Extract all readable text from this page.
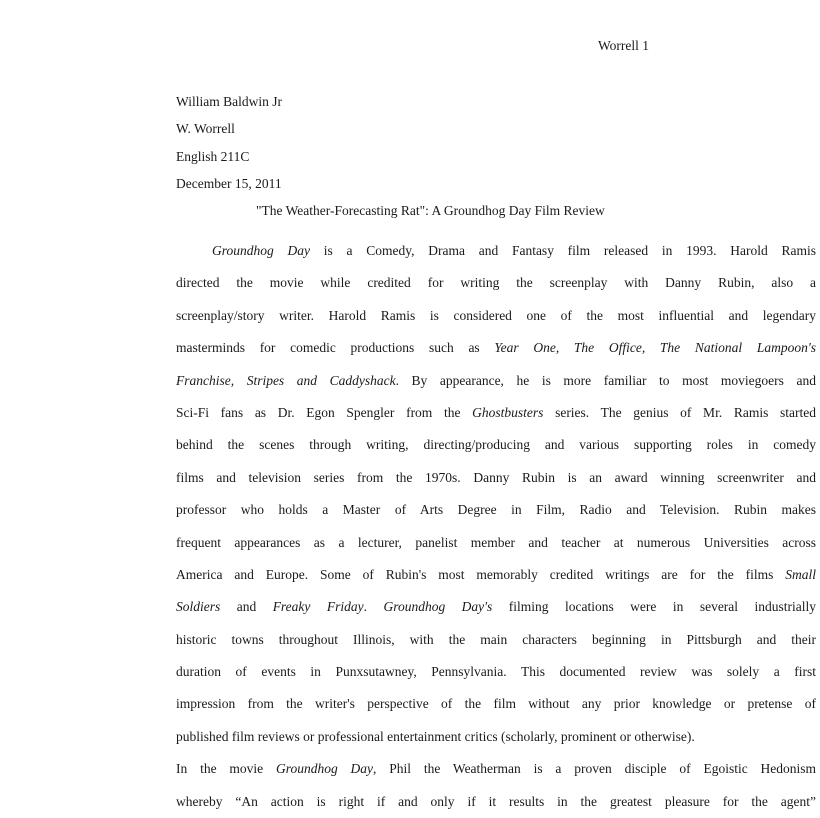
Worrell 1
William Baldwin Jr
W. Worrell
English 211C
December 15, 2011
"The Weather-Forecasting Rat": A Groundhog Day Film Review
Groundhog Day is a Comedy, Drama and Fantasy film released in 1993. Harold Ramis
directed the movie while credited for writing the screenplay with Danny Rubin, also a
screenplay/story writer. Harold Ramis is considered one of the most influential and legendary
masterminds for comedic productions such as Year One, The Office, The National Lampoon's
Franchise, Stripes and Caddyshack. By appearance, he is more familiar to most moviegoers and
Sci-Fi fans as Dr. Egon Spengler from the Ghostbusters series. The genius of Mr. Ramis started
behind the scenes through writing, directing/producing and various supporting roles in comedy
films and television series from the 1970s. Danny Rubin is an award winning screenwriter and
professor who holds a Master of Arts Degree in Film, Radio and Television. Rubin makes
frequent appearances as a lecturer, panelist member and teacher at numerous Universities across
America and Europe. Some of Rubin's most memorably credited writings are for the films Small
Soldiers and Freaky Friday. Groundhog Day's filming locations were in several industrially
historic towns throughout Illinois, with the main characters beginning in Pittsburgh and their
duration of events in Punxsutawney, Pennsylvania. This documented review was solely a first
impression from the writer's perspective of the film without any prior knowledge or pretense of
published film reviews or professional entertainment critics (scholarly, prominent or otherwise).
In the movie Groundhog Day, Phil the Weatherman is a proven disciple of Egoistic Hedonism
whereby “An action is right if and only if it results in the greatest pleasure for the agent”
